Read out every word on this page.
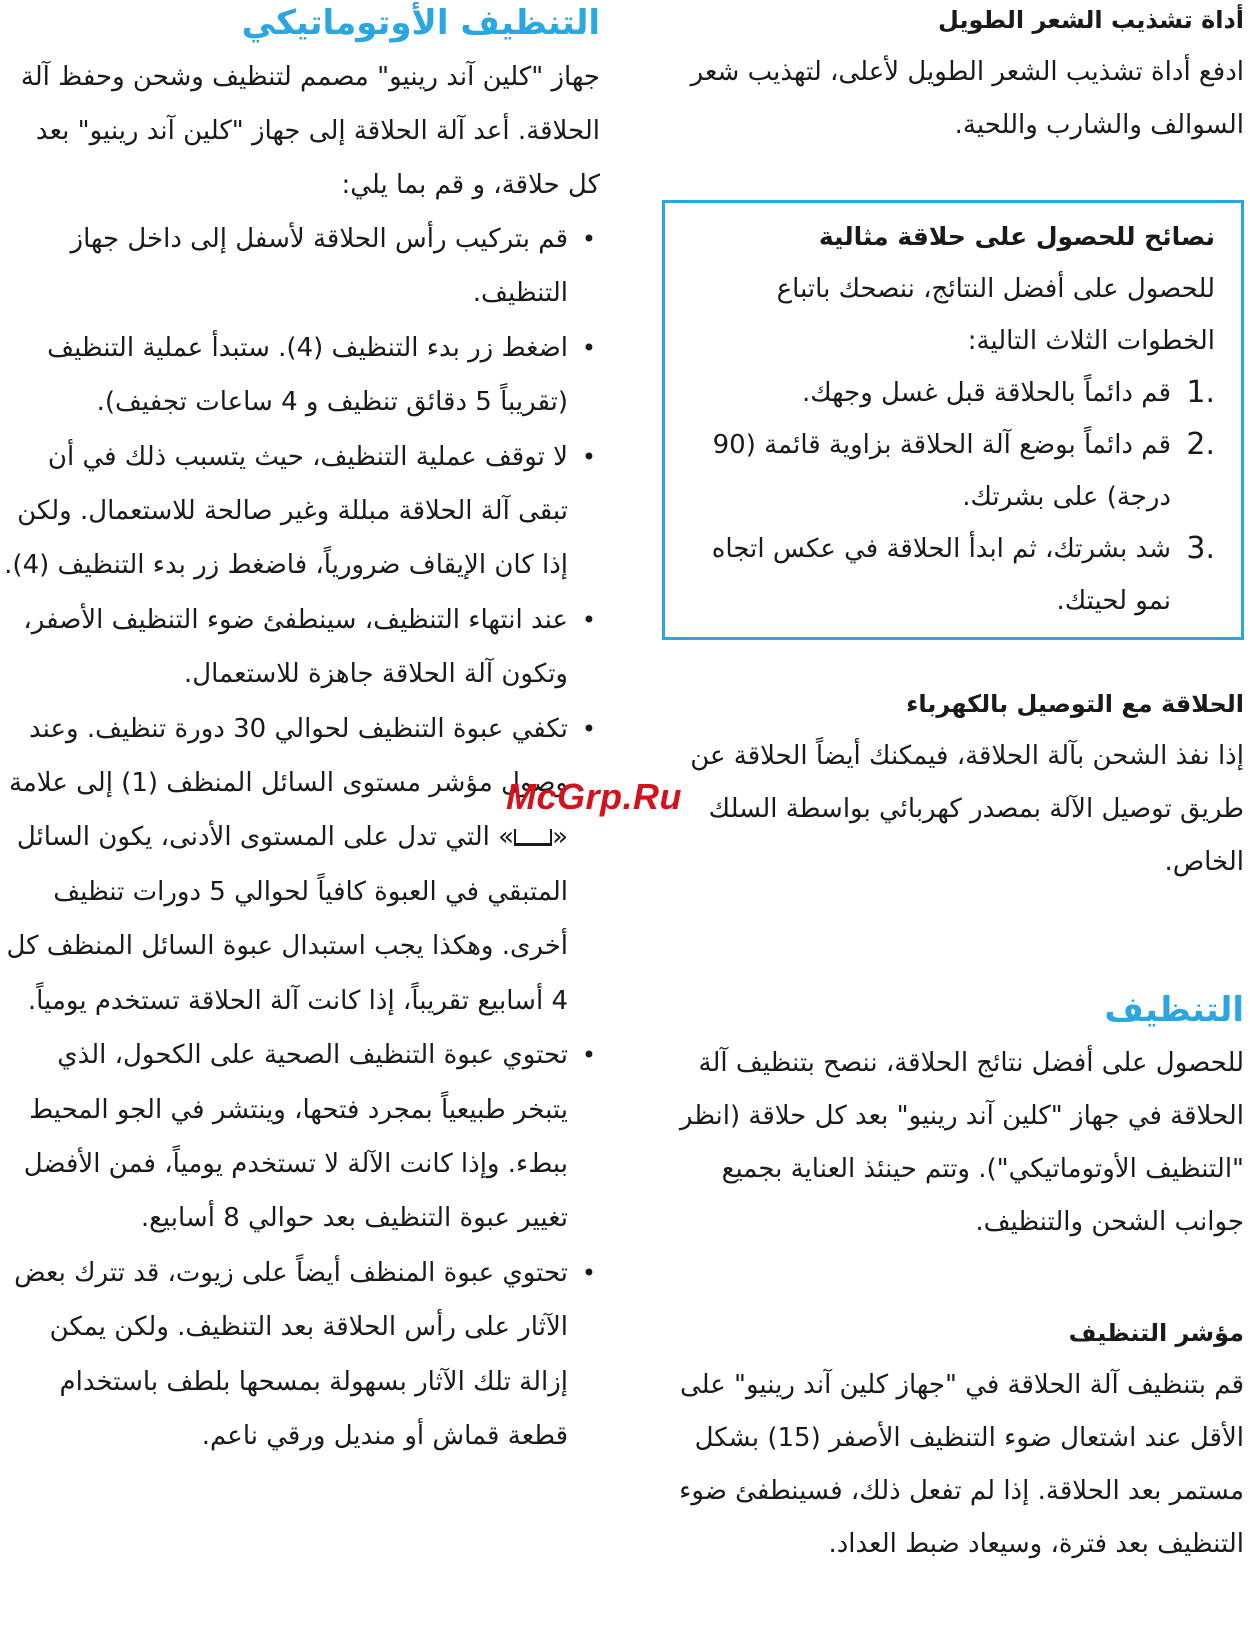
التنظيف الأوتوماتيكي

جهاز "كلين آند رينيو" مصمم لتنظيف وشحن وحفظ آلة الحلاقة. أعد آلة الحلاقة إلى جهاز "كلين آند رينيو" بعد كل حلاقة، و قم بما يلي:

• قم بتركيب رأس الحلاقة لأسفل إلى داخل جهاز التنظيف.
• اضغط زر بدء التنظيف (4). ستبدأ عملية التنظيف (تقريباً 5 دقائق تنظيف و 4 ساعات تجفيف).
• لا توقف عملية التنظيف، حيث يتسبب ذلك في أن تبقى آلة الحلاقة مبللة وغير صالحة للاستعمال. ولكن إذا كان الإيقاف ضرورياً، فاضغط زر بدء التنظيف (4).
• عند انتهاء التنظيف، سينطفئ ضوء التنظيف الأصفر، وتكون آلة الحلاقة جاهزة للاستعمال.
• تكفي عبوة التنظيف لحوالي 30 دورة تنظيف. وعند وصول مؤشر مستوى السائل المنظف (1) إلى علامة «» التي تدل على المستوى الأدنى، يكون السائل المتبقي في العبوة كافياً لحوالي 5 دورات تنظيف أخرى. وهكذا يجب استبدال عبوة السائل المنظف كل 4 أسابيع تقريباً، إذا كانت آلة الحلاقة تستخدم يومياً.
• تحتوي عبوة التنظيف الصحية على الكحول، الذي يتبخر طبيعياً بمجرد فتحها، وينتشر في الجو المحيط ببطء. وإذا كانت الآلة لا تستخدم يومياً، فمن الأفضل تغيير عبوة التنظيف بعد حوالي 8 أسابيع.
• تحتوي عبوة المنظف أيضاً على زيوت، قد تترك بعض الآثار على رأس الحلاقة بعد التنظيف. ولكن يمكن إزالة تلك الآثار بسهولة بمسحها بلطف باستخدام قطعة قماش أو منديل ورقي ناعم.
أداة تشذيب الشعر الطويل

ادفع أداة تشذيب الشعر الطويل لأعلى، لتهذيب شعر السوالف والشارب واللحية.

نصائح للحصول على حلاقة مثالية

للحصول على أفضل النتائج، ننصحك باتباع الخطوات الثلاث التالية:

1.
قم دائماً بالحلاقة قبل غسل وجهك.
2.
قم دائماً بوضع آلة الحلاقة بزاوية قائمة (90 درجة) على بشرتك.
3.
شد بشرتك، ثم ابدأ الحلاقة في عكس اتجاه نمو لحيتك.
الحلاقة مع التوصيل بالكهرباء

إذا نفذ الشحن بآلة الحلاقة، فيمكنك أيضاً الحلاقة عن طريق توصيل الآلة بمصدر كهربائي بواسطة السلك الخاص.

التنظيف

للحصول على أفضل نتائج الحلاقة، ننصح بتنظيف آلة الحلاقة في جهاز "كلين آند رينيو" بعد كل حلاقة (انظر "التنظيف الأوتوماتيكي"). وتتم حينئذ العناية بجميع جوانب الشحن والتنظيف.

مؤشر التنظيف

قم بتنظيف آلة الحلاقة في "جهاز كلين آند رينيو" على الأقل عند اشتعال ضوء التنظيف الأصفر (15) بشكل مستمر بعد الحلاقة. إذا لم تفعل ذلك، فسينطفئ ضوء التنظيف بعد فترة، وسيعاد ضبط العداد.

McGrp.Ru
